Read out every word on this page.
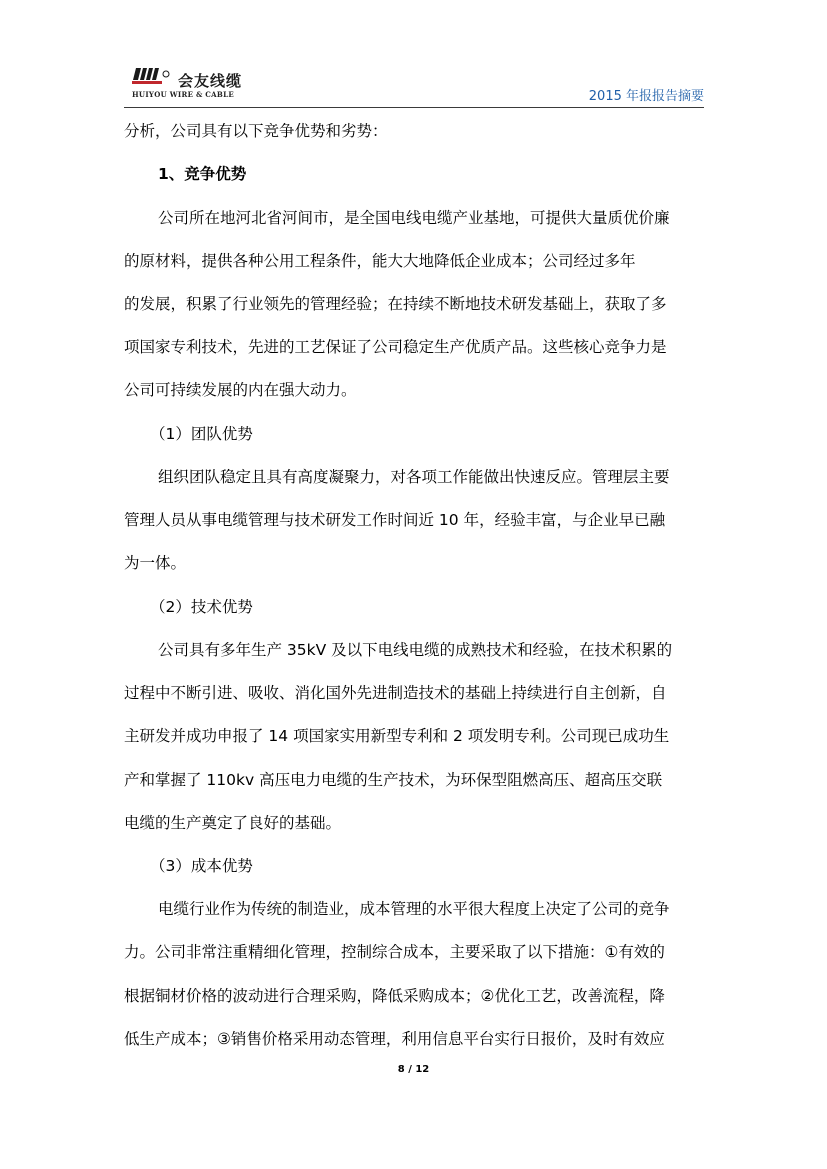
会友线缆
HUIYOU WIRE & CABLE	2015 年报报告摘要
分析，公司具有以下竞争优势和劣势：
1、竞争优势
公司所在地河北省河间市，是全国电线电缆产业基地，可提供大量质优价廉
的原材料，提供各种公用工程条件，能大大地降低企业成本；公司经过多年
的发展，积累了行业领先的管理经验；在持续不断地技术研发基础上，获取了多
项国家专利技术，先进的工艺保证了公司稳定生产优质产品。这些核心竞争力是
公司可持续发展的内在强大动力。
（1）团队优势
组织团队稳定且具有高度凝聚力，对各项工作能做出快速反应。管理层主要
管理人员从事电缆管理与技术研发工作时间近 10 年，经验丰富，与企业早已融
为一体。
（2）技术优势
公司具有多年生产 35kV 及以下电线电缆的成熟技术和经验，在技术积累的
过程中不断引进、吸收、消化国外先进制造技术的基础上持续进行自主创新，自
主研发并成功申报了 14 项国家实用新型专利和 2 项发明专利。公司现已成功生
产和掌握了 110kv 高压电力电缆的生产技术，为环保型阻燃高压、超高压交联
电缆的生产奠定了良好的基础。
（3）成本优势
电缆行业作为传统的制造业，成本管理的水平很大程度上决定了公司的竞争
力。公司非常注重精细化管理，控制综合成本，主要采取了以下措施：①有效的
根据铜材价格的波动进行合理采购，降低采购成本；②优化工艺，改善流程，降
低生产成本；③销售价格采用动态管理，利用信息平台实行日报价，及时有效应
8 / 12
